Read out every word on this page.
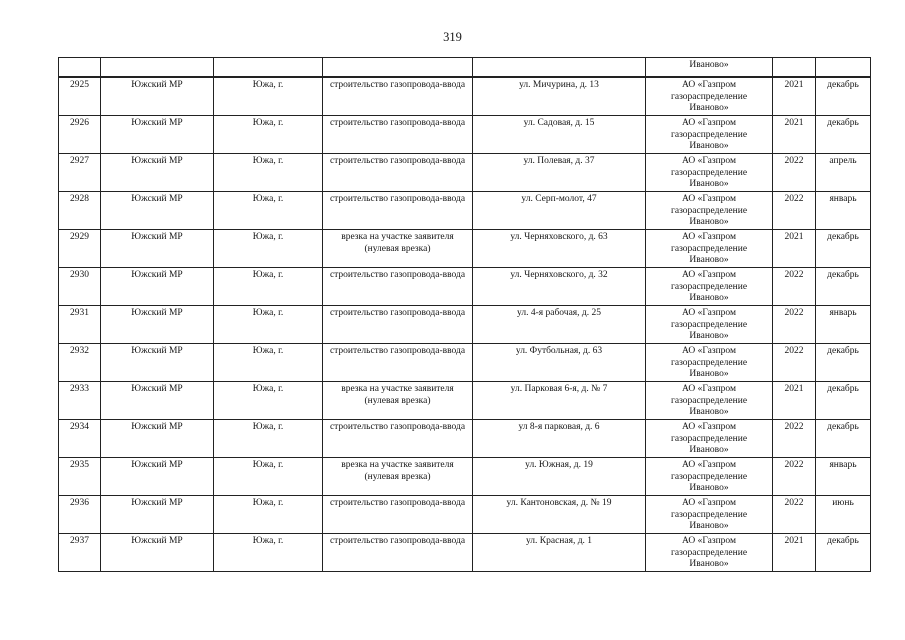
319
					Иваново»		
2925	Южский МР	Южа, г.	строительство газопровода-ввода	ул. Мичурина, д. 13	АО «Газпром газораспределение Иваново»	2021	декабрь
2926	Южский МР	Южа, г.	строительство газопровода-ввода	ул. Садовая, д. 15	АО «Газпром газораспределение Иваново»	2021	декабрь
2927	Южский МР	Южа, г.	строительство газопровода-ввода	ул. Полевая, д. 37	АО «Газпром газораспределение Иваново»	2022	апрель
2928	Южский МР	Южа, г.	строительство газопровода-ввода	ул. Серп-молот, 47	АО «Газпром газораспределение Иваново»	2022	январь
2929	Южский МР	Южа, г.	врезка на участке заявителя (нулевая врезка)	ул. Черняховского, д. 63	АО «Газпром газораспределение Иваново»	2021	декабрь
2930	Южский МР	Южа, г.	строительство газопровода-ввода	ул. Черняховского, д. 32	АО «Газпром газораспределение Иваново»	2022	декабрь
2931	Южский МР	Южа, г.	строительство газопровода-ввода	ул. 4-я рабочая, д. 25	АО «Газпром газораспределение Иваново»	2022	январь
2932	Южский МР	Южа, г.	строительство газопровода-ввода	ул. Футбольная, д. 63	АО «Газпром газораспределение Иваново»	2022	декабрь
2933	Южский МР	Южа, г.	врезка на участке заявителя (нулевая врезка)	ул. Парковая 6-я, д. № 7	АО «Газпром газораспределение Иваново»	2021	декабрь
2934	Южский МР	Южа, г.	строительство газопровода-ввода	ул 8-я парковая, д. 6	АО «Газпром газораспределение Иваново»	2022	декабрь
2935	Южский МР	Южа, г.	врезка на участке заявителя (нулевая врезка)	ул. Южная, д. 19	АО «Газпром газораспределение Иваново»	2022	январь
2936	Южский МР	Южа, г.	строительство газопровода-ввода	ул. Кантоновская, д. № 19	АО «Газпром газораспределение Иваново»	2022	июнь
2937	Южский МР	Южа, г.	строительство газопровода-ввода	ул. Красная, д. 1	АО «Газпром газораспределение Иваново»	2021	декабрь
